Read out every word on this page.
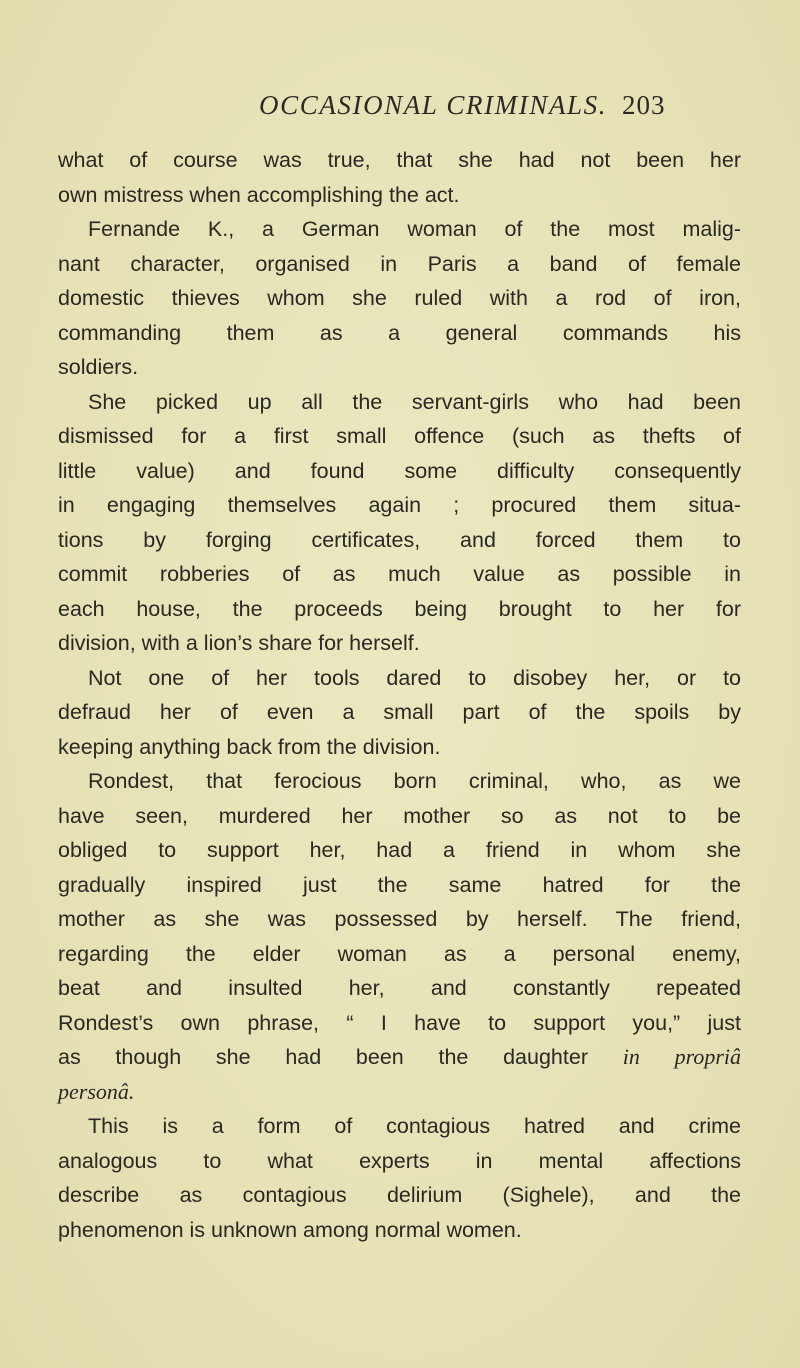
OCCASIONAL CRIMINALS. 203
what of course was true, that she had not been her
own mistress when accomplishing the act.
Fernande K., a German woman of the most malig-
nant character, organised in Paris a band of female
domestic thieves whom she ruled with a rod of iron,
commanding them as a general commands his
soldiers.
She picked up all the servant-girls who had been
dismissed for a first small offence (such as thefts of
little value) and found some difficulty consequently
in engaging themselves again ; procured them situa-
tions by forging certificates, and forced them to
commit robberies of as much value as possible in
each house, the proceeds being brought to her for
division, with a lion’s share for herself.
Not one of her tools dared to disobey her, or to
defraud her of even a small part of the spoils by
keeping anything back from the division.
Rondest, that ferocious born criminal, who, as we
have seen, murdered her mother so as not to be
obliged to support her, had a friend in whom she
gradually inspired just the same hatred for the
mother as she was possessed by herself. The friend,
regarding the elder woman as a personal enemy,
beat and insulted her, and constantly repeated
Rondest’s own phrase, “ I have to support you,” just
as though she had been the daughter in propriâ
personâ.
This is a form of contagious hatred and crime
analogous to what experts in mental affections
describe as contagious delirium (Sighele), and the
phenomenon is unknown among normal women.
